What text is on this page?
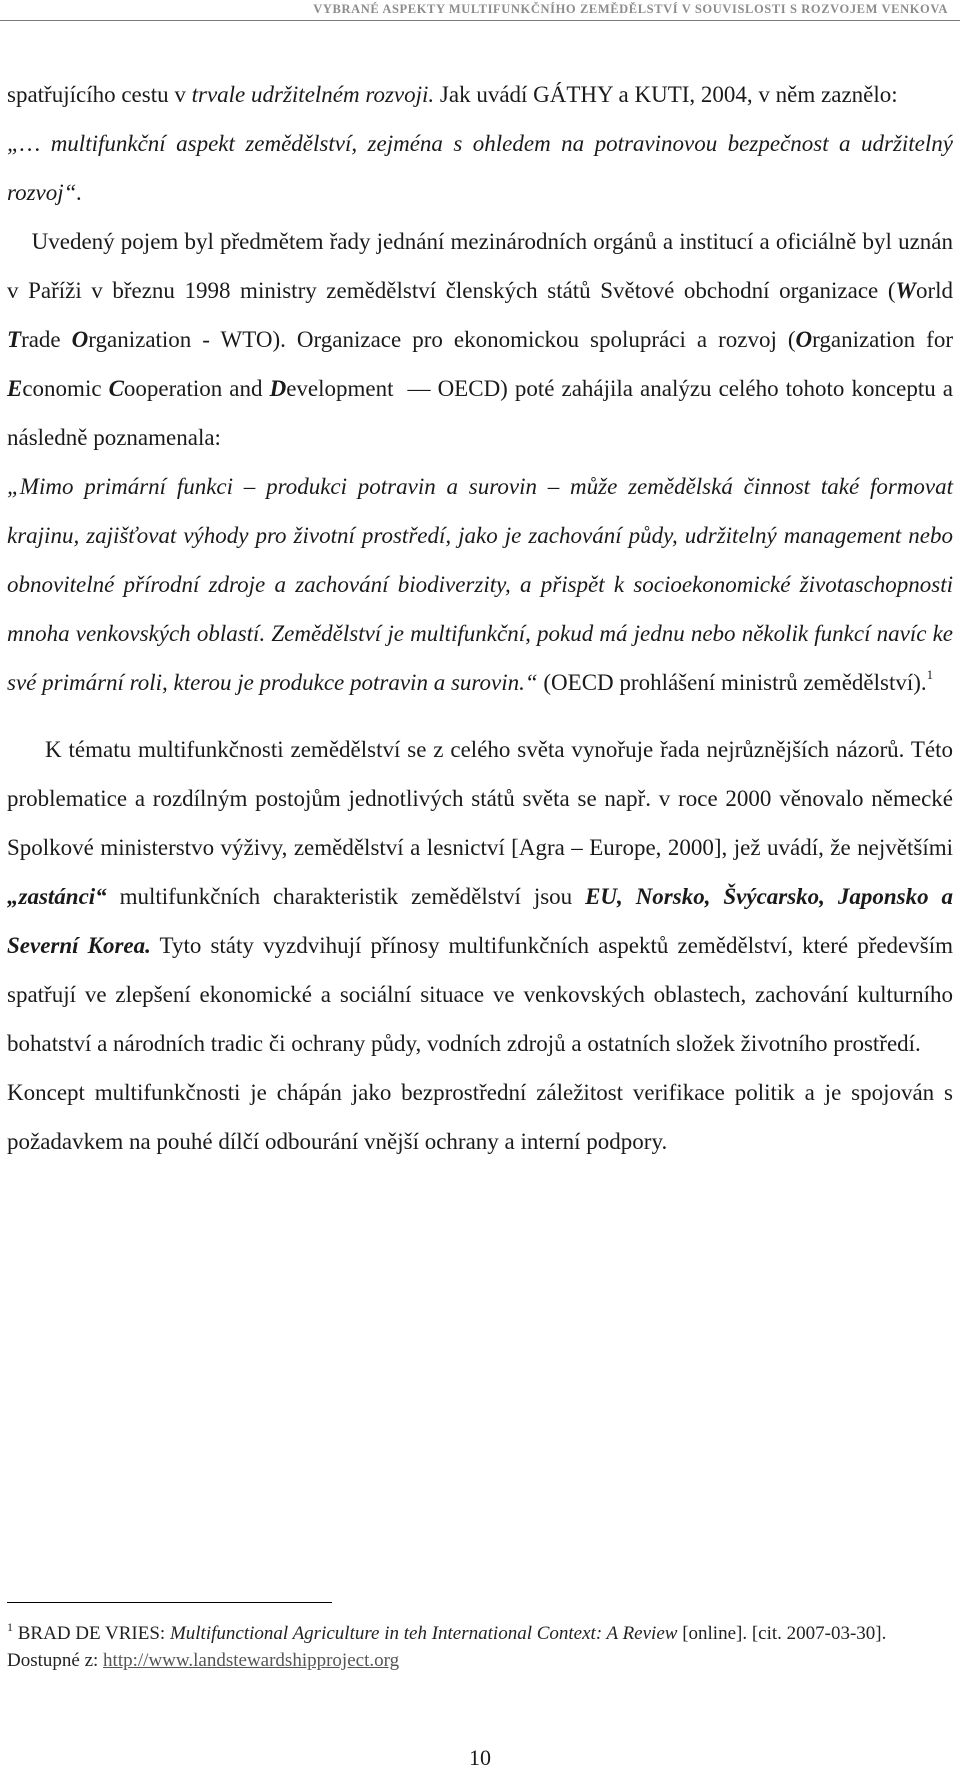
VYBRANÉ ASPEKTY MULTIFUNKČNÍHO ZEMĚDĚLSTVÍ V SOUVISLOSTI S ROZVOJEM VENKOVA

spatřujícího cestu v trvale udržitelném rozvoji. Jak uvádí GÁTHY a KUTI, 2004, v něm zaznělo:

„… multifunkční aspekt zemědělství, zejména s ohledem na potravinovou bezpečnost a udržitelný rozvoj“.

Uvedený pojem byl předmětem řady jednání mezinárodních orgánů a institucí a oficiálně byl uznán v Paříži v březnu 1998 ministry zemědělství členských států Světové obchodní organizace (World Trade Organization - WTO). Organizace pro ekonomickou spolupráci a rozvoj (Organization for Economic Cooperation and Development  — OECD) poté zahájila analýzu celého tohoto konceptu a následně poznamenala:

„Mimo primární funkci – produkci potravin a surovin – může zemědělská činnost také formovat krajinu, zajišťovat výhody pro životní prostředí, jako je zachování půdy, udržitelný management nebo obnovitelné přírodní zdroje a zachování biodiverzity, a přispět k socioekonomické životaschopnosti mnoha venkovských oblastí. Zemědělství je multifunkční, pokud má jednu nebo několik funkcí navíc ke své primární roli, kterou je produkce potravin a surovin.“ (OECD prohlášení ministrů zemědělství).$^1$

K tématu multifunkčnosti zemědělství se z celého světa vynořuje řada nejrůznějších názorů. Této problematice a rozdílným postojům jednotlivých států světa se např. v roce 2000 věnovalo německé Spolkové ministerstvo výživy, zemědělství a lesnictví [Agra – Europe, 2000], jež uvádí, že největšími „zastánci“ multifunkčních charakteristik zemědělství jsou EU, Norsko, Švýcarsko, Japonsko a Severní Korea. Tyto státy vyzdvihují přínosy multifunkčních aspektů zemědělství, které především spatřují ve zlepšení ekonomické a sociální situace ve venkovských oblastech, zachování kulturního bohatství a národních tradic či ochrany půdy, vodních zdrojů a ostatních složek životního prostředí.

Koncept multifunkčnosti je chápán jako bezprostřední záležitost verifikace politik a je spojován s požadavkem na pouhé dílčí odbourání vnější ochrany a interní podpory.

$^1$ BRAD DE VRIES: Multifunctional Agriculture in teh International Context: A Review [online]. [cit. 2007-03-30]. Dostupné z: http://www.landstewardshipproject.org
10
